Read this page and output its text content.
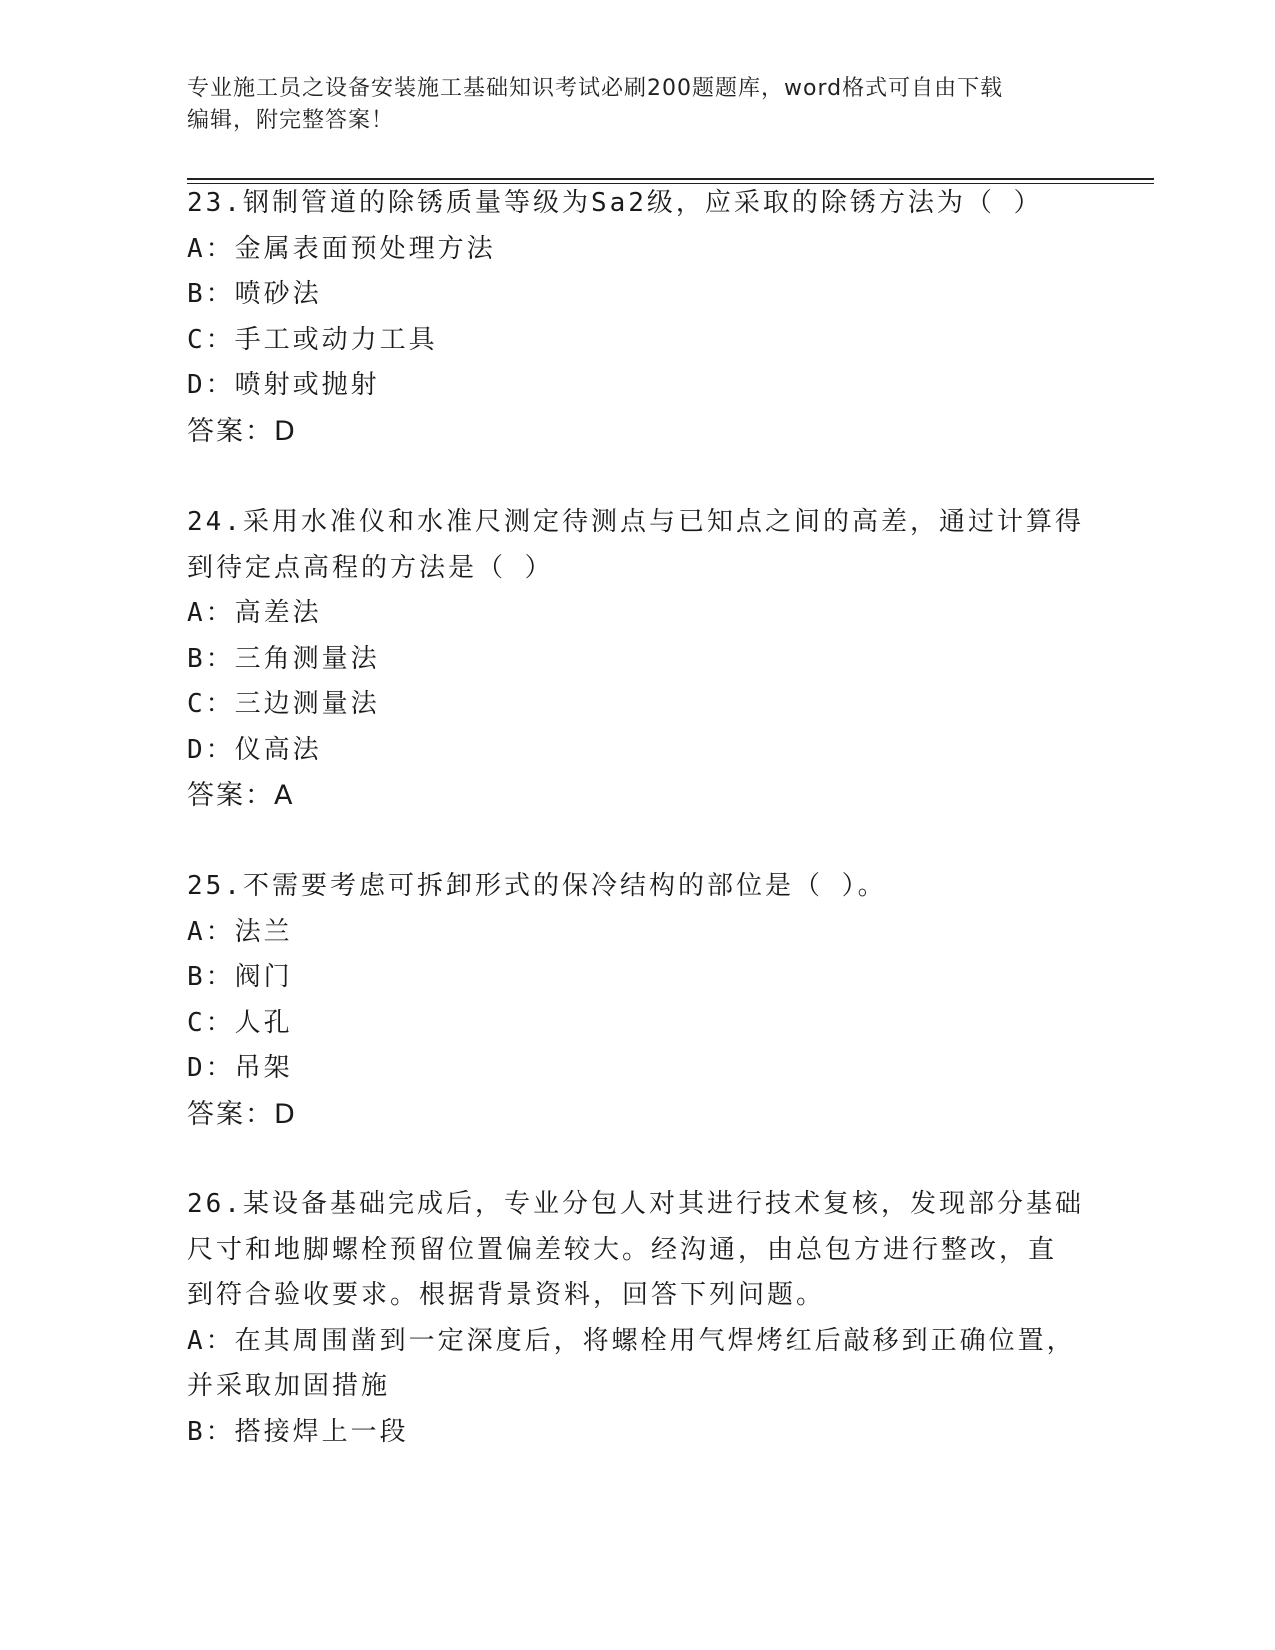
专业施工员之设备安装施工基础知识考试必刷200题题库，word格式可自由下载
编辑，附完整答案！
23.钢制管道的除锈质量等级为Sa2级，应采取的除锈方法为（ ）
A：金属表面预处理方法
B：喷砂法
C：手工或动力工具
D：喷射或抛射
答案：D
24.采用水准仪和水准尺测定待测点与已知点之间的高差，通过计算得
到待定点高程的方法是（ ）
A：高差法
B：三角测量法
C：三边测量法
D：仪高法
答案：A
25.不需要考虑可拆卸形式的保冷结构的部位是（ ）。
A：法兰
B：阀门
C：人孔
D：吊架
答案：D
26.某设备基础完成后，专业分包人对其进行技术复核，发现部分基础
尺寸和地脚螺栓预留位置偏差较大。经沟通，由总包方进行整改，直
到符合验收要求。根据背景资料，回答下列问题。
A：在其周围凿到一定深度后，将螺栓用气焊烤红后敲移到正确位置，
并采取加固措施
B：搭接焊上一段
